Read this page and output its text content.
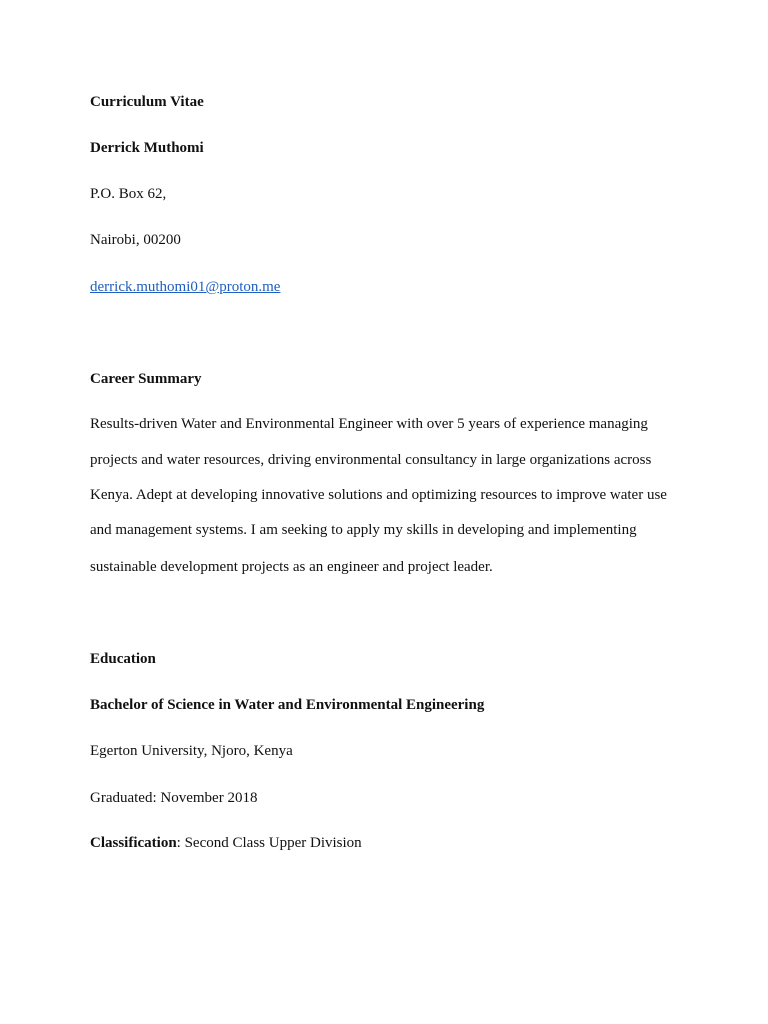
Curriculum Vitae
Derrick Muthomi
P.O. Box 62,
Nairobi, 00200
derrick.muthomi01@proton.me
Career Summary
Results-driven Water and Environmental Engineer with over 5 years of experience managing
projects and water resources, driving environmental consultancy in large organizations across
Kenya. Adept at developing innovative solutions and optimizing resources to improve water use
and management systems. I am seeking to apply my skills in developing and implementing
sustainable development projects as an engineer and project leader.
Education
Bachelor of Science in Water and Environmental Engineering
Egerton University, Njoro, Kenya
Graduated: November 2018
Classification: Second Class Upper Division
